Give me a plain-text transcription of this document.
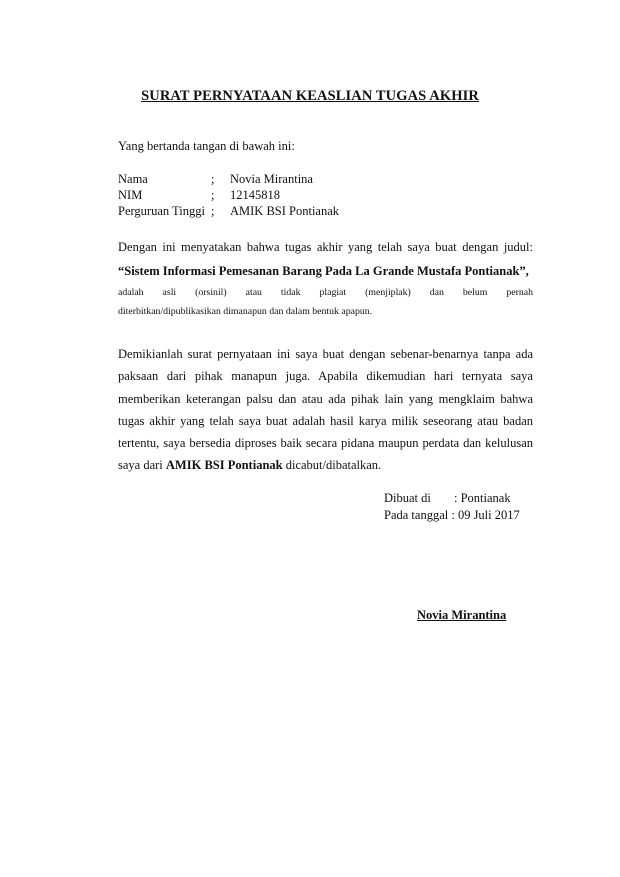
SURAT PERNYATAAN KEASLIAN TUGAS AKHIR
Yang bertanda tangan di bawah ini:
Nama	; Novia Mirantina
NIM	; 12145818
Perguruan Tinggi ; AMIK BSI Pontianak
Dengan ini menyatakan bahwa tugas akhir yang telah saya buat dengan judul:
“Sistem Informasi Pemesanan Barang Pada La Grande Mustafa Pontianak”,
adalah asli (orsinil) atau tidak plagiat (menjiplak) dan belum pernah
diterbitkan/dipublikasikan dimanapun dan dalam bentuk apapun.
Demikianlah surat pernyataan ini saya buat dengan sebenar-benarnya tanpa ada
paksaan dari pihak manapun juga. Apabila dikemudian hari ternyata saya
memberikan keterangan palsu dan atau ada pihak lain yang mengklaim bahwa
tugas akhir yang telah saya buat adalah hasil karya milik seseorang atau badan
tertentu, saya bersedia diproses baik secara pidana maupun perdata dan kelulusan
saya dari AMIK BSI Pontianak dicabut/dibatalkan.
Dibuat di : Pontianak
Pada tanggal : 09 Juli 2017
Novia Mirantina
